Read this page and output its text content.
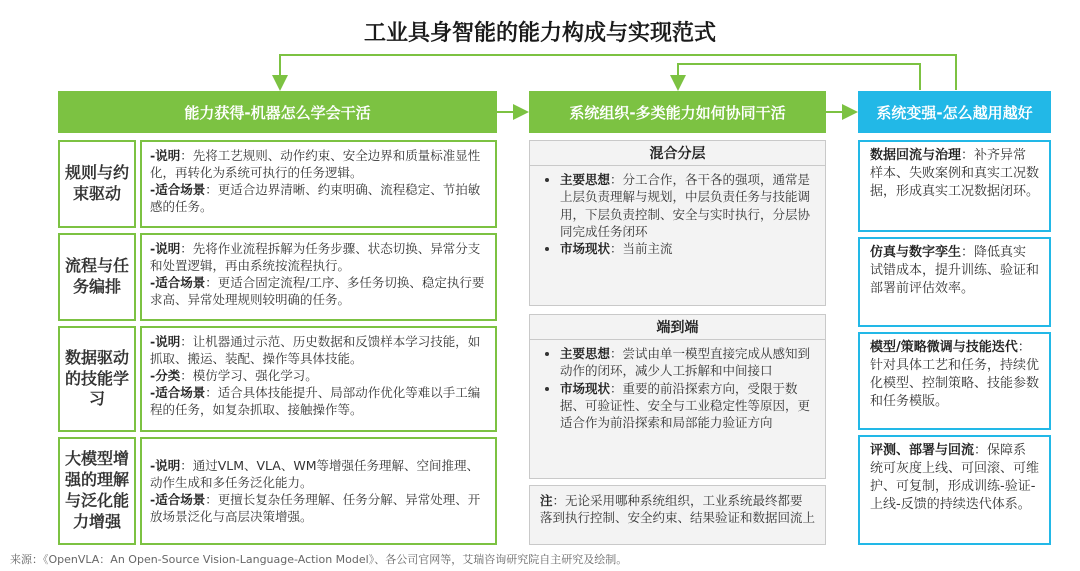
工业具身智能的能力构成与实现范式
能力获得-机器怎么学会干活	系统组织-多类能力如何协同干活	系统变强-怎么越用越好
规则与约束驱动
流程与任务编排
数据驱动的技能学习
大模型增强的理解与泛化能力增强

-说明：先将工艺规则、动作约束、安全边界和质量标准显性化，再转化为系统可执行的任务逻辑。

-适合场景：更适合边界清晰、约束明确、流程稳定、节拍敏感的任务。

-说明：先将作业流程拆解为任务步骤、状态切换、异常分支和处置逻辑，再由系统按流程执行。

-适合场景：更适合固定流程/工序、多任务切换、稳定执行要求高、异常处理规则较明确的任务。

-说明：让机器通过示范、历史数据和反馈样本学习技能，如抓取、搬运、装配、操作等具体技能。

-分类：模仿学习、强化学习。

-适合场景：适合具体技能提升、局部动作优化等难以手工编程的任务，如复杂抓取、接触操作等。

-说明：通过VLM、VLA、WM等增强任务理解、空间推理、动作生成和多任务泛化能力。

-适合场景：更擅长复杂任务理解、任务分解、异常处理、开放场景泛化与高层决策增强。

混合分层
• 主要思想：分工合作，各干各的强项，通常是上层负责理解与规划，中层负责任务与技能调用，下层负责控制、安全与实时执行，分层协同完成任务闭环
• 市场现状：当前主流
端到端
• 主要思想：尝试由单一模型直接完成从感知到动作的闭环，减少人工拆解和中间接口
• 市场现状：重要的前沿探索方向，受限于数据、可验证性、安全与工业稳定性等原因，更适合作为前沿探索和局部能力验证方向
注：无论采用哪种系统组织，工业系统最终都要落到执行控制、安全约束、结果验证和数据回流上

数据回流与治理：补齐异常样本、失败案例和真实工况数据，形成真实工况数据闭环。

仿真与数字孪生：降低真实试错成本，提升训练、验证和部署前评估效率。

模型/策略微调与技能迭代：针对具体工艺和任务，持续优化模型、控制策略、技能参数和任务模版。

评测、部署与回流：保障系统可灰度上线、可回滚、可维护、可复制，形成训练-验证-上线-反馈的持续迭代体系。

来源：《OpenVLA：An Open-Source Vision-Language-Action Model》、各公司官网等，艾瑞咨询研究院自主研究及绘制。
